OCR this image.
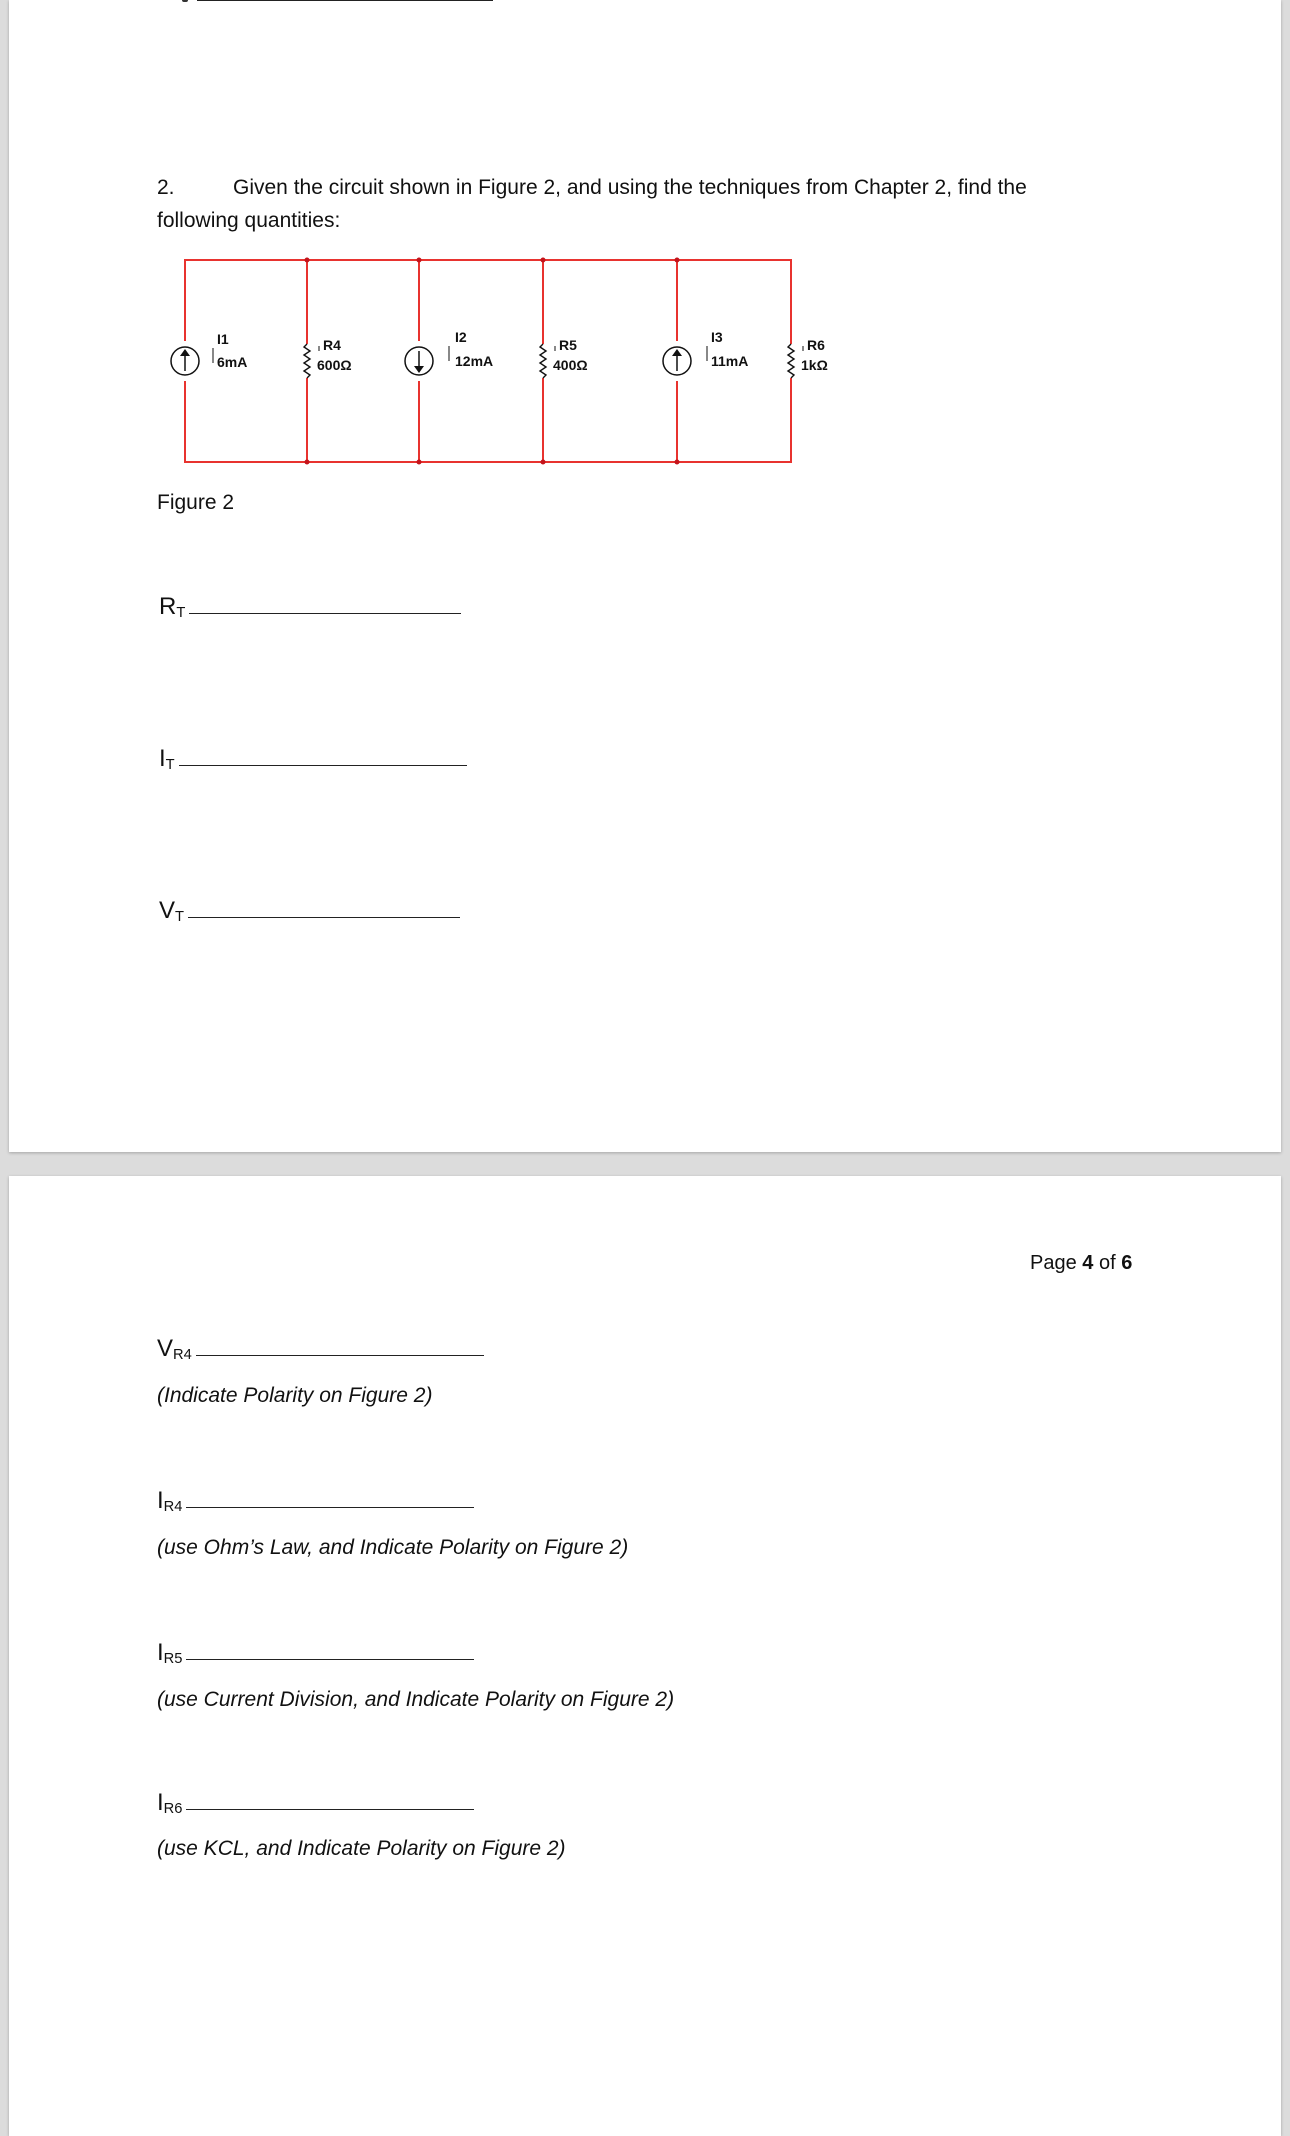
2.	Given the circuit shown in Figure 2, and using the techniques from Chapter 2, find the
following quantities:
I1
6mA
R4
600Ω
I2
12mA
R5
400Ω
I3
11mA
R6
1kΩ
Figure 2
RT
IT
VT
Page 4 of 6
VR4
(Indicate Polarity on Figure 2)
IR4
(use Ohm’s Law, and Indicate Polarity on Figure 2)
IR5
(use Current Division, and Indicate Polarity on Figure 2)
IR6
(use KCL, and Indicate Polarity on Figure 2)
